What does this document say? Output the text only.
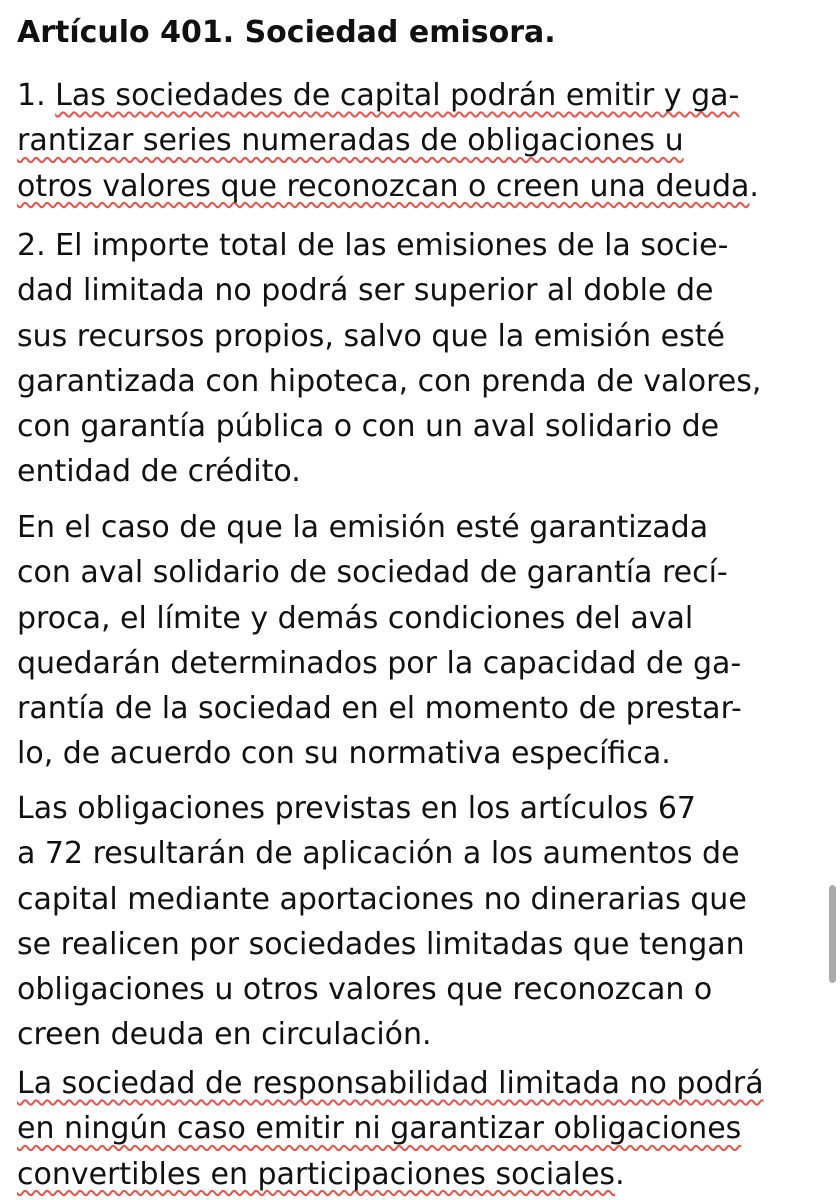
Artículo 401. Sociedad emisora.

1. Las sociedades de capital podrán emitir y ga-
rantizar series numeradas de obligaciones u
otros valores que reconozcan o creen una deuda.

2. El importe total de las emisiones de la socie-
dad limitada no podrá ser superior al doble de
sus recursos propios, salvo que la emisión esté
garantizada con hipoteca, con prenda de valores,
con garantía pública o con un aval solidario de
entidad de crédito.

En el caso de que la emisión esté garantizada
con aval solidario de sociedad de garantía recí-
proca, el límite y demás condiciones del aval
quedarán determinados por la capacidad de ga-
rantía de la sociedad en el momento de prestar-
lo, de acuerdo con su normativa específica.

Las obligaciones previstas en los artículos 67
a 72 resultarán de aplicación a los aumentos de
capital mediante aportaciones no dinerarias que
se realicen por sociedades limitadas que tengan
obligaciones u otros valores que reconozcan o
creen deuda en circulación.

La sociedad de responsabilidad limitada no podrá
en ningún caso emitir ni garantizar obligaciones
convertibles en participaciones sociales.
